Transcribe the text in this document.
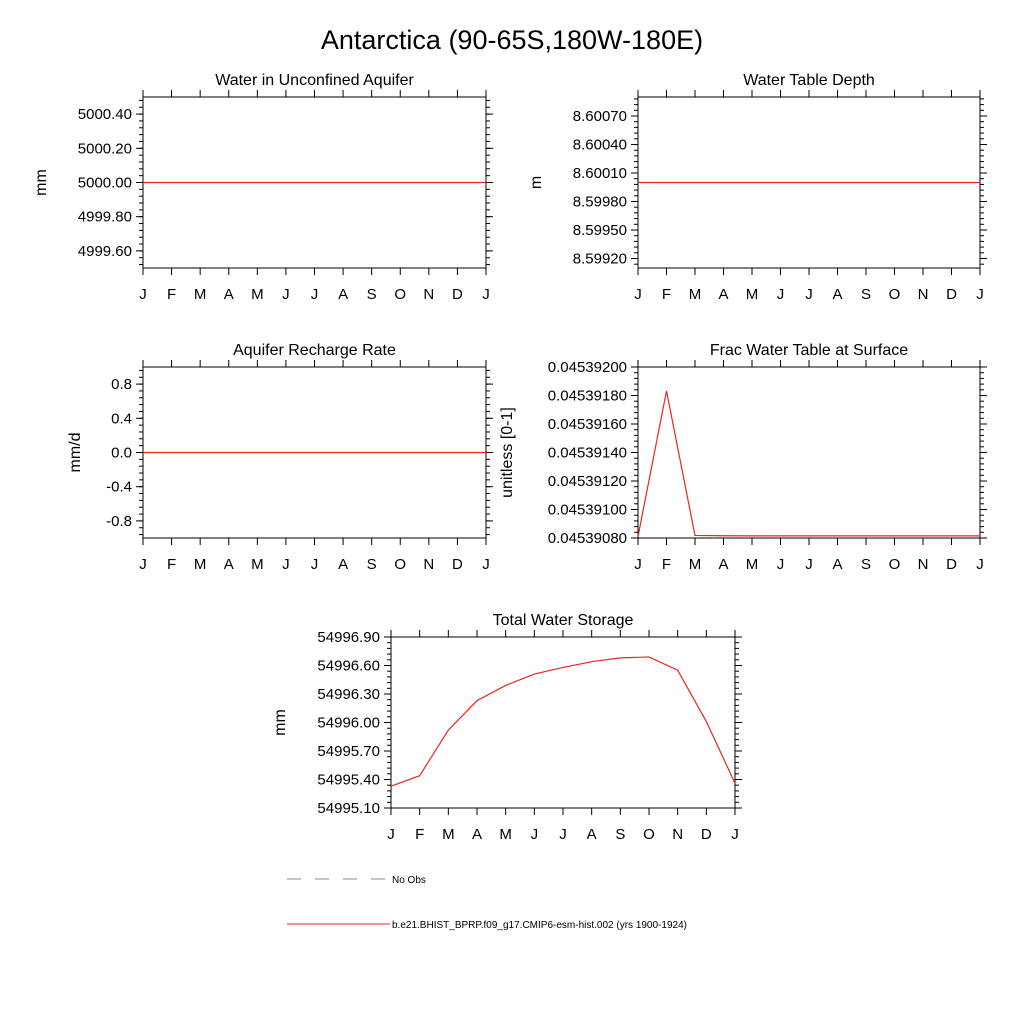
Antarctica (90-65S,180W-180E)
Water in Unconfined Aquifer
mm
J F M A M J J A S O N D J
4999.60
4999.80
5000.00
5000.20
5000.40
Water Table Depth
m
J F M A M J J A S O N D J
8.59920
8.59950
8.59980
8.60010
8.60040
8.60070
Aquifer Recharge Rate
mm/d
J F M A M J J A S O N D J
-0.8
-0.4
0.0
0.4
0.8
Frac Water Table at Surface
unitless [0-1]
J F M A M J J A S O N D J
0.04539080
0.04539100
0.04539120
0.04539140
0.04539160
0.04539180
0.04539200
Total Water Storage
mm
J F M A M J J A S O N D J
54995.10
54995.40
54995.70
54996.00
54996.30
54996.60
54996.90
No Obs
b.e21.BHIST_BPRP.f09_g17.CMIP6-esm-hist.002 (yrs 1900-1924)
